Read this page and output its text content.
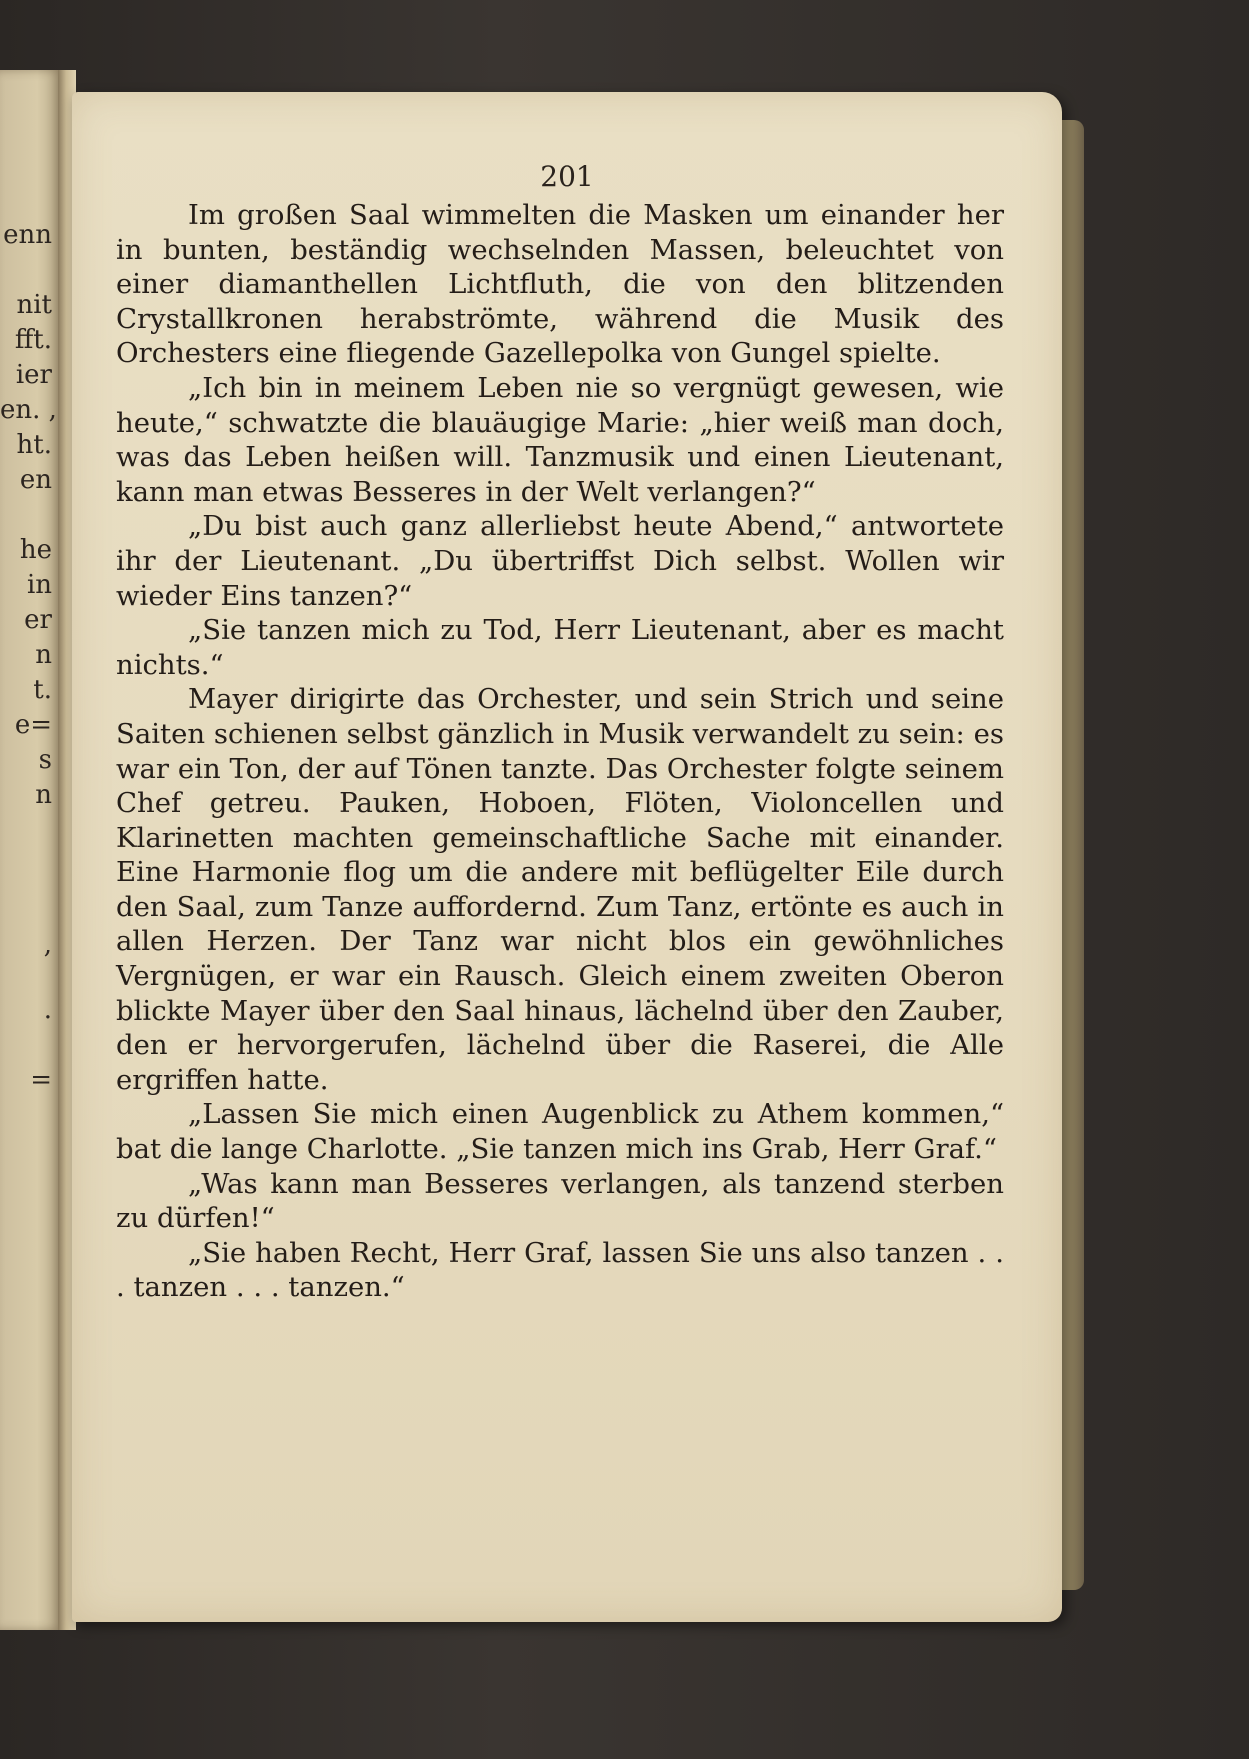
enn
nit
fft.
ier
en. ,
ht.
en
he
in
er
n
t.
e=
s
n
,
.
=
201

Im großen Saal wimmelten die Masken um einander her in bunten, beständig wechselnden Massen, beleuchtet von einer diamanthellen Lichtfluth, die von den blitzenden Crystallkronen herabströmte, während die Musik des Orchesters eine fliegende Gazellepolka von Gungel spielte.

„Ich bin in meinem Leben nie so vergnügt gewesen, wie heute,“ schwatzte die blauäugige Marie: „hier weiß man doch, was das Leben heißen will. Tanzmusik und einen Lieutenant, kann man etwas Besseres in der Welt verlangen?“

„Du bist auch ganz allerliebst heute Abend,“ antwortete ihr der Lieutenant. „Du übertriffst Dich selbst. Wollen wir wieder Eins tanzen?“

„Sie tanzen mich zu Tod, Herr Lieutenant, aber es macht nichts.“

Mayer dirigirte das Orchester, und sein Strich und seine Saiten schienen selbst gänzlich in Musik verwandelt zu sein: es war ein Ton, der auf Tönen tanzte. Das Orchester folgte seinem Chef getreu. Pauken, Hoboen, Flöten, Violoncellen und Klarinetten machten gemeinschaftliche Sache mit einander. Eine Harmonie flog um die andere mit beflügelter Eile durch den Saal, zum Tanze auffordernd. Zum Tanz, ertönte es auch in allen Herzen. Der Tanz war nicht blos ein gewöhnliches Vergnügen, er war ein Rausch. Gleich einem zweiten Oberon blickte Mayer über den Saal hinaus, lächelnd über den Zauber, den er hervorgerufen, lächelnd über die Raserei, die Alle ergriffen hatte.

„Lassen Sie mich einen Augenblick zu Athem kommen,“ bat die lange Charlotte. „Sie tanzen mich ins Grab, Herr Graf.“

„Was kann man Besseres verlangen, als tanzend sterben zu dürfen!“

„Sie haben Recht, Herr Graf, lassen Sie uns also tanzen . . . tanzen . . . tanzen.“
